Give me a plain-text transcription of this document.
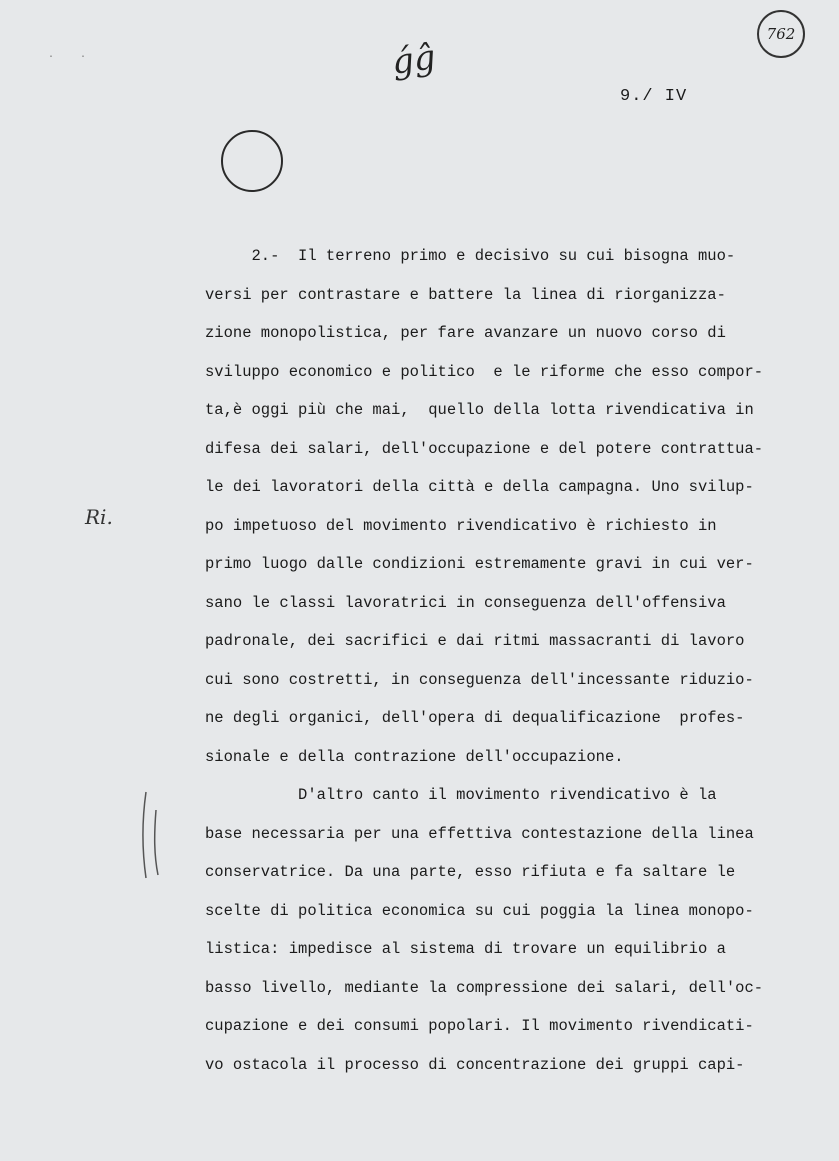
· ·
762
ǵĝ
9./ IV
Ri.

2.-  Il terreno primo e decisivo su cui bisogna muo-
versi per contrastare e battere la linea di riorganizza-
zione monopolistica, per fare avanzare un nuovo corso di
sviluppo economico e politico  e le riforme che esso compor-
ta,è oggi più che mai,  quello della lotta rivendicativa in
difesa dei salari, dell'occupazione e del potere contrattua-
le dei lavoratori della città e della campagna. Uno svilup-
po impetuoso del movimento rivendicativo è richiesto in
primo luogo dalle condizioni estremamente gravi in cui ver-
sano le classi lavoratrici in conseguenza dell'offensiva
padronale, dei sacrifici e dai ritmi massacranti di lavoro
cui sono costretti, in conseguenza dell'incessante riduzio-
ne degli organici, dell'opera di dequalificazione  profes-
sionale e della contrazione dell'occupazione.
D'altro canto il movimento rivendicativo è la
base necessaria per una effettiva contestazione della linea
conservatrice. Da una parte, esso rifiuta e fa saltare le
scelte di politica economica su cui poggia la linea monopo-
listica: impedisce al sistema di trovare un equilibrio a
basso livello, mediante la compressione dei salari, dell'oc-
cupazione e dei consumi popolari. Il movimento rivendicati-
vo ostacola il processo di concentrazione dei gruppi capi-
